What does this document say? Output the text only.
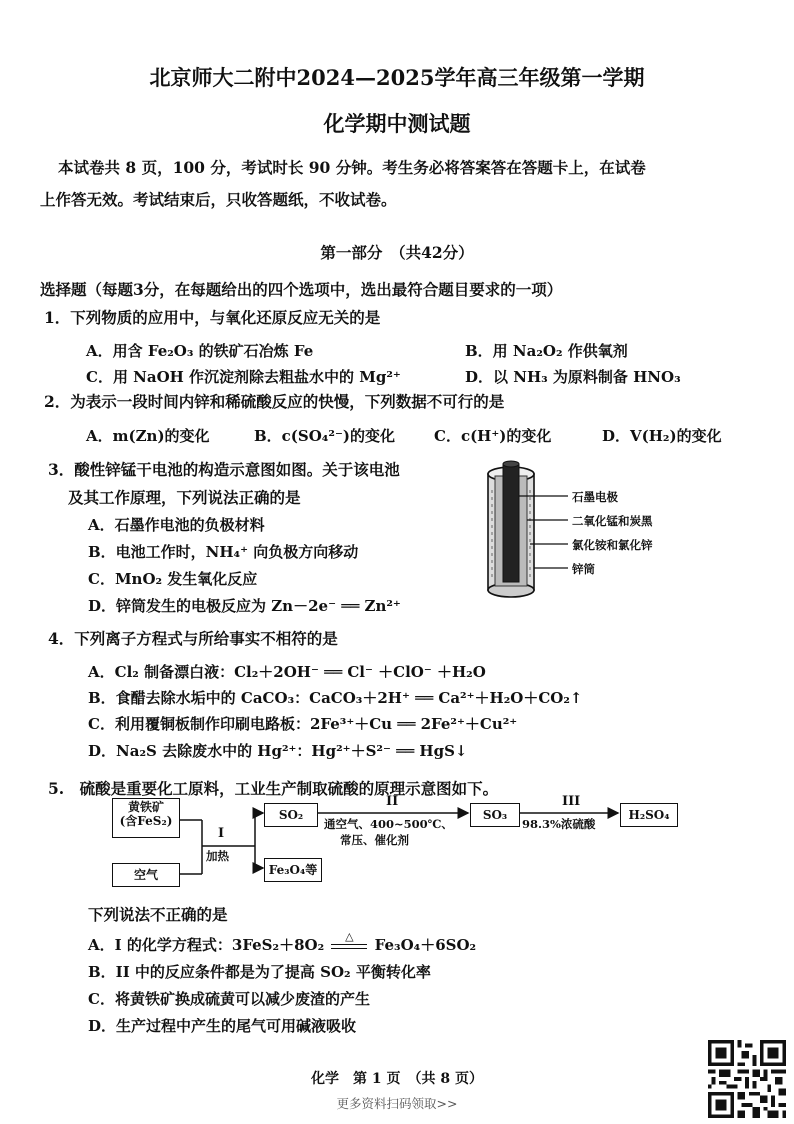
北京师大二附中2024—2025学年高三年级第一学期
化学期中测试题
本试卷共 8 页，100 分，考试时长 90 分钟。考生务必将答案答在答题卡上，在试卷
上作答无效。考试结束后，只收答题纸，不收试卷。
第一部分　（共42分）
选择题（每题3分，在每题给出的四个选项中，选出最符合题目要求的一项）
1．下列物质的应用中，与氧化还原反应无关的是
A．用含 Fe₂O₃ 的铁矿石冶炼 Fe	B．用 Na₂O₂ 作供氧剂
C．用 NaOH 作沉淀剂除去粗盐水中的 Mg²⁺	D．以 NH₃ 为原料制备 HNO₃
2．为表示一段时间内锌和稀硫酸反应的快慢，下列数据不可行的是
A．m(Zn)的变化	B．c(SO₄²⁻)的变化	C．c(H⁺)的变化	D．V(H₂)的变化
3．酸性锌锰干电池的构造示意图如图。关于该电池
及其工作原理，下列说法正确的是
A．石墨作电池的负极材料
B．电池工作时，NH₄⁺ 向负极方向移动
C．MnO₂ 发生氧化反应
D．锌筒发生的电极反应为 Zn－2e⁻ ══ Zn²⁺
石墨电极
二氧化锰和炭黑
氯化铵和氯化锌
锌筒
4．下列离子方程式与所给事实不相符的是
A．Cl₂ 制备漂白液：Cl₂＋2OH⁻ ══ Cl⁻ ＋ClO⁻ ＋H₂O
B．食醋去除水垢中的 CaCO₃：CaCO₃＋2H⁺ ══ Ca²⁺＋H₂O＋CO₂↑
C．利用覆铜板制作印刷电路板：2Fe³⁺＋Cu ══ 2Fe²⁺＋Cu²⁺
D．Na₂S 去除废水中的 Hg²⁺：Hg²⁺＋S²⁻ ══ HgS↓
5.　硫酸是重要化工原料，工业生产制取硫酸的原理示意图如下。
黄铁矿
(含FeS₂)
空气
I
加热
SO₂
Fe₃O₄等
II
通空气、400~500℃、
常压、催化剂
SO₃
III
98.3%浓硫酸
H₂SO₄
下列说法不正确的是
A．I 的化学方程式：3FeS₂＋8O₂	△	Fe₃O₄＋6SO₂
B．II 中的反应条件都是为了提高 SO₂ 平衡转化率
C．将黄铁矿换成硫黄可以减少废渣的产生
D．生产过程中产生的尾气可用碱液吸收
化学　第 1 页　（共 8 页）
更多资料扫码领取>>
